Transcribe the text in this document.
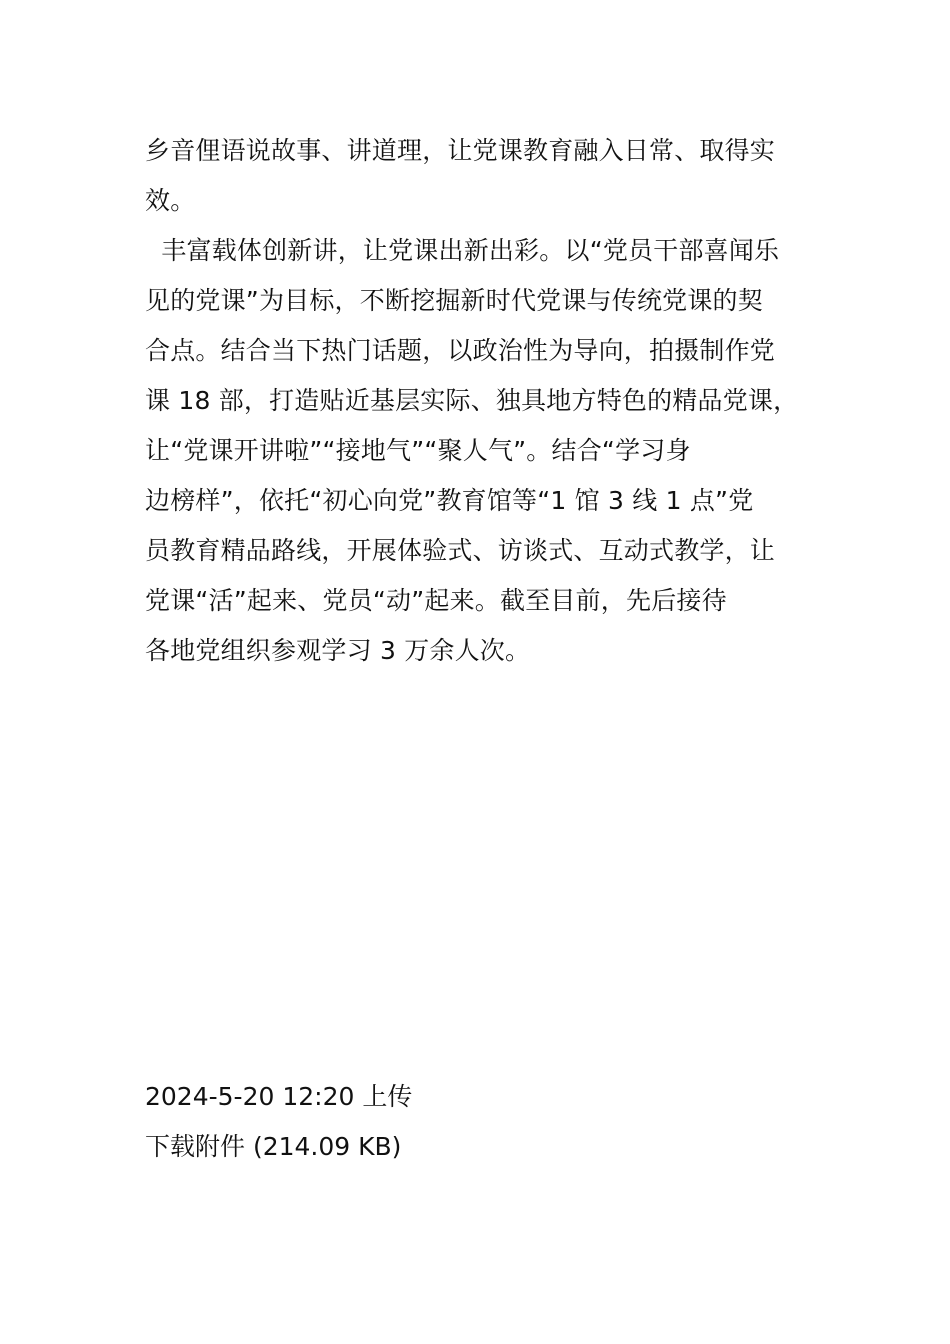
乡音俚语说故事、讲道理，让党课教育融入日常、取得实
效。
丰富载体创新讲，让党课出新出彩。以“党员干部喜闻乐
见的党课”为目标，不断挖掘新时代党课与传统党课的契
合点。结合当下热门话题，以政治性为导向，拍摄制作党
课 18 部，打造贴近基层实际、独具地方特色的精品党课，
让“党课开讲啦”“接地气”“聚人气”。结合“学习身
边榜样”，依托“初心向党”教育馆等“1 馆 3 线 1 点”党
员教育精品路线，开展体验式、访谈式、互动式教学，让
党课“活”起来、党员“动”起来。截至目前，先后接待
各地党组织参观学习 3 万余人次。
2024-5-20 12:20 上传
下载附件 (214.09 KB)
